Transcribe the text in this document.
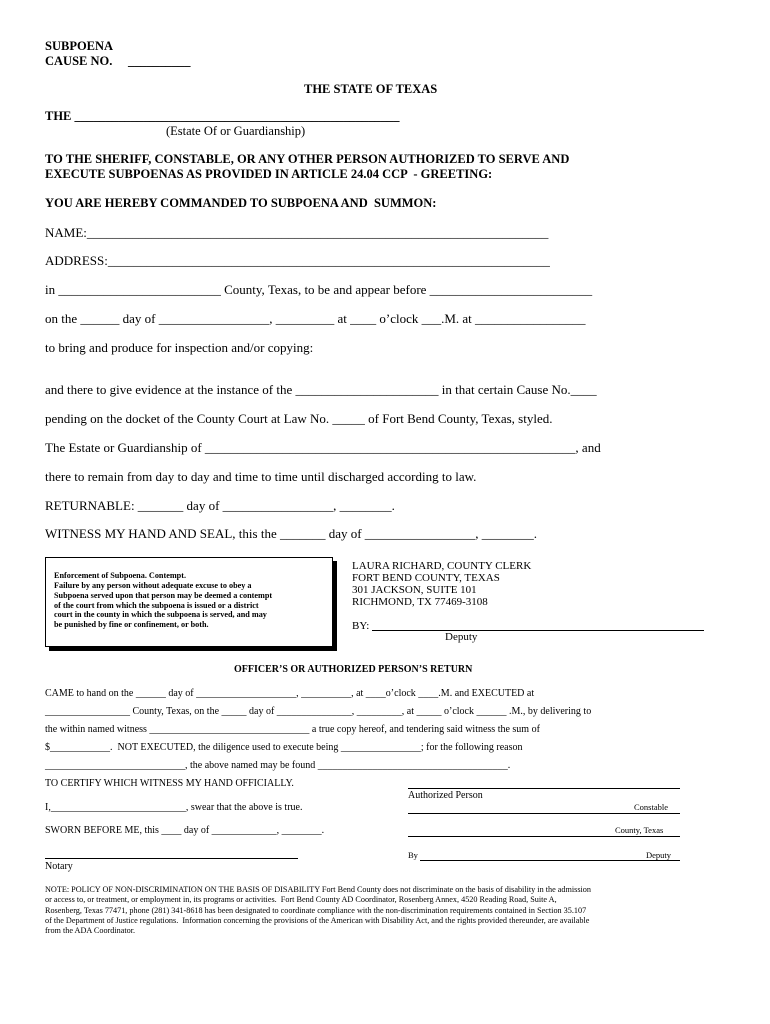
SUBPOENA
CAUSE NO.     __________
THE STATE OF TEXAS
THE ____________________________________________________
(Estate Of or Guardianship)
TO THE SHERIFF, CONSTABLE, OR ANY OTHER PERSON AUTHORIZED TO SERVE AND
EXECUTE SUBPOENAS AS PROVIDED IN ARTICLE 24.04 CCP  - GREETING:
YOU ARE HEREBY COMMANDED TO SUBPOENA AND  SUMMON:
NAME:_______________________________________________________________________
ADDRESS:____________________________________________________________________
in _________________________ County, Texas, to be and appear before _________________________
on the ______ day of _________________, _________ at ____ o’clock ___.M. at _________________
to bring and produce for inspection and/or copying:
and there to give evidence at the instance of the ______________________ in that certain Cause No.____
pending on the docket of the County Court at Law No. _____ of Fort Bend County, Texas, styled.
The Estate or Guardianship of _________________________________________________________, and
there to remain from day to day and time to time until discharged according to law.
RETURNABLE: _______ day of _________________, ________.
WITNESS MY HAND AND SEAL, this the _______ day of _________________, ________.
Enforcement of Subpoena. Contempt.
Failure by any person without adequate excuse to obey a
Subpoena served upon that person may be deemed a contempt
of the court from which the subpoena is issued or a district
court in the county in which the subpoena is served, and may
be punished by fine or confinement, or both.
LAURA RICHARD, COUNTY CLERK
FORT BEND COUNTY, TEXAS
301 JACKSON, SUITE 101
RICHMOND, TX 77469-3108
BY:
Deputy
OFFICER’S OR AUTHORIZED PERSON’S RETURN
CAME to hand on the ______ day of ____________________, __________, at ____o’clock ____.M. and EXECUTED at
_________________ County, Texas, on the _____ day of _______________, _________, at _____ o’clock ______ .M., by delivering to
the within named witness ________________________________ a true copy hereof, and tendering said witness the sum of
$____________.  NOT EXECUTED, the diligence used to execute being ________________; for the following reason
____________________________, the above named may be found ______________________________________.
TO CERTIFY WHICH WITNESS MY HAND OFFICIALLY.
Authorized Person
I,___________________________, swear that the above is true.	Constable
SWORN BEFORE ME, this ____ day of _____________, ________.	County, Texas
By	Deputy
Notary

NOTE: POLICY OF NON-DISCRIMINATION ON THE BASIS OF DISABILITY Fort Bend County does not discriminate on the basis of disability in the admission

or access to, or treatment, or employment in, its programs or activities.  Fort Bend County AD Coordinator, Rosenberg Annex, 4520 Reading Road, Suite A,

Rosenberg, Texas 77471, phone (281) 341-8618 has been designated to coordinate compliance with the non-discrimination requirements contained in Section 35.107

of the Department of Justice regulations.  Information concerning the provisions of the American with Disability Act, and the rights provided thereunder, are available

from the ADA Coordinator.
